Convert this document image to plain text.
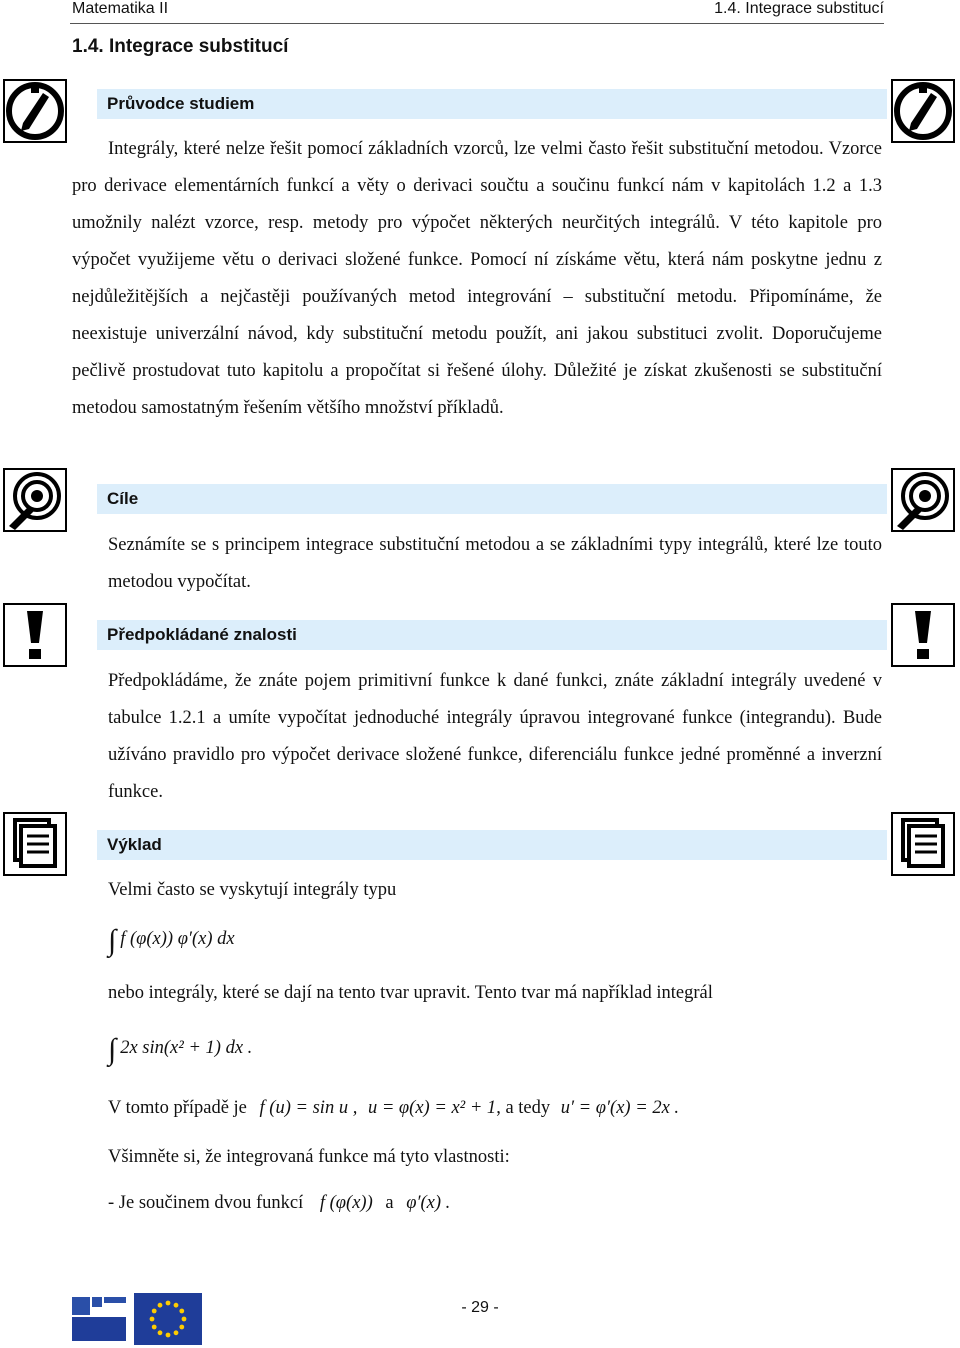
Matematika II	1.4. Integrace substitucí
1.4. Integrace substitucí
Průvodce studiem

Integrály, které nelze řešit pomocí základních vzorců, lze velmi často řešit substituční metodou. Vzorce pro derivace elementárních funkcí a věty o derivaci součtu a součinu funkcí nám v kapitolách 1.2 a 1.3 umožnily nalézt vzorce, resp. metody pro výpočet některých neurčitých integrálů. V této kapitole pro výpočet využijeme větu o derivaci složené funkce. Pomocí ní získáme větu, která nám poskytne jednu z nejdůležitějších a nejčastěji používaných metod integrování – substituční metodu. Připomínáme, že neexistuje univerzální návod, kdy substituční metodu použít, ani jakou substituci zvolit. Doporučujeme pečlivě prostudovat tuto kapitolu a propočítat si řešené úlohy. Důležité je získat zkušenosti se substituční metodou samostatným řešením většího množství příkladů.

Cíle

Seznámíte se s principem integrace substituční metodou a se základními typy integrálů, které lze touto metodou vypočítat.

Předpokládané znalosti

Předpokládáme, že znáte pojem primitivní funkce k dané funkci, znáte základní integrály uvedené v tabulce 1.2.1 a umíte vypočítat jednoduché integrály úpravou integrované funkce (integrandu). Bude užíváno pravidlo pro výpočet derivace složené funkce, diferenciálu funkce jedné proměnné a inverzní funkce.

Výklad
Velmi často se vyskytují integrály typu
∫ f (φ(x)) φ′(x) dx
nebo integrály, které se dají na tento tvar upravit. Tento tvar má například integrál
∫ 2x sin(x² + 1) dx .
V tomto případě je f (u) = sin u , u = φ(x) = x² + 1, a tedy u′ = φ′(x) = 2x .
Všimněte si, že integrovaná funkce má tyto vlastnosti:
- Je součinem dvou funkcí f (φ(x)) a φ′(x) .
- 29 -
